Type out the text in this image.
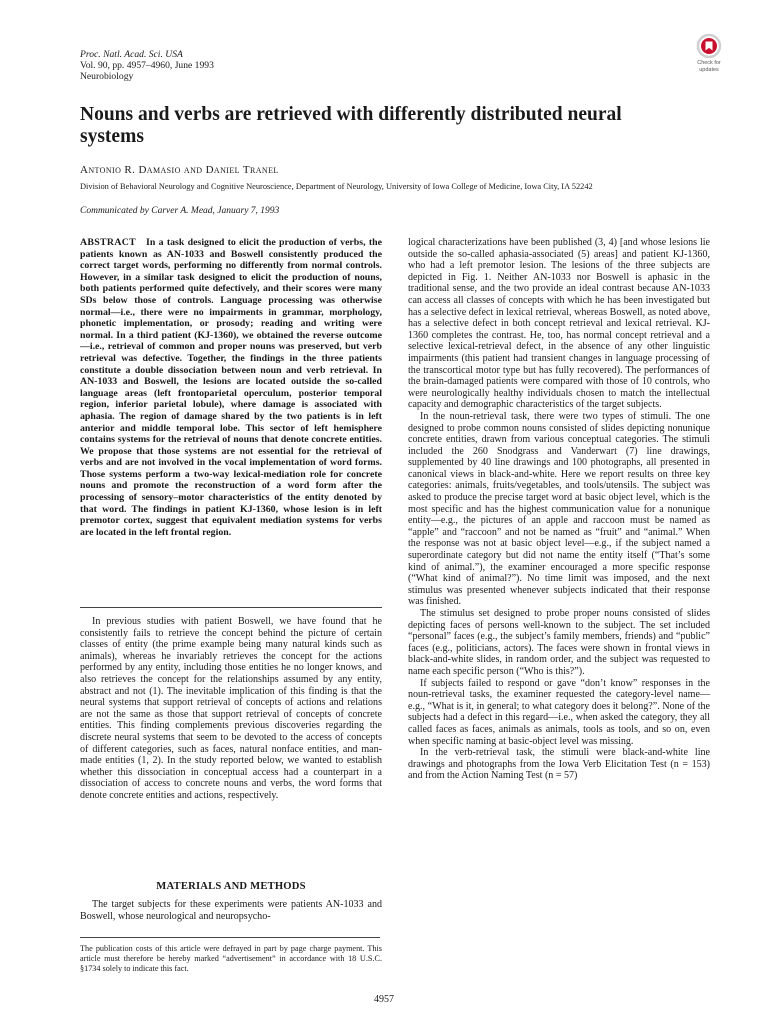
Proc. Natl. Acad. Sci. USA
Vol. 90, pp. 4957–4960, June 1993
Neurobiology
Check for
updates
Nouns and verbs are retrieved with differently distributed neural systems
Antonio R. Damasio and Daniel Tranel
Division of Behavioral Neurology and Cognitive Neuroscience, Department of Neurology, University of Iowa College of Medicine, Iowa City, IA 52242
Communicated by Carver A. Mead, January 7, 1993

ABSTRACT In a task designed to elicit the production of verbs, the patients known as AN-1033 and Boswell consistently produced the correct target words, performing no differently from normal controls. However, in a similar task designed to elicit the production of nouns, both patients performed quite defectively, and their scores were many SDs below those of controls. Language processing was otherwise normal—i.e., there were no impairments in grammar, morphology, phonetic implementation, or prosody; reading and writing were normal. In a third patient (KJ-1360), we obtained the reverse outcome—i.e., retrieval of common and proper nouns was preserved, but verb retrieval was defective. Together, the findings in the three patients constitute a double dissociation between noun and verb retrieval. In AN-1033 and Boswell, the lesions are located outside the so-called language areas (left frontoparietal operculum, posterior temporal region, inferior parietal lobule), where damage is associated with aphasia. The region of damage shared by the two patients is in left anterior and middle temporal lobe. This sector of left hemisphere contains systems for the retrieval of nouns that denote concrete entities. We propose that those systems are not essential for the retrieval of verbs and are not involved in the vocal implementation of word forms. Those systems perform a two-way lexical-mediation role for concrete nouns and promote the reconstruction of a word form after the processing of sensory–motor characteristics of the entity denoted by that word. The findings in patient KJ-1360, whose lesion is in left premotor cortex, suggest that equivalent mediation systems for verbs are located in the left frontal region.

In previous studies with patient Boswell, we have found that he consistently fails to retrieve the concept behind the picture of certain classes of entity (the prime example being many natural kinds such as animals), whereas he invariably retrieves the concept for the actions performed by any entity, including those entities he no longer knows, and also retrieves the concept for the relationships assumed by any entity, abstract and not (1). The inevitable implication of this finding is that the neural systems that support retrieval of concepts of actions and relations are not the same as those that support retrieval of concepts of concrete entities. This finding complements previous discoveries regarding the discrete neural systems that seem to be devoted to the access of concepts of different categories, such as faces, natural nonface entities, and man-made entities (1, 2). In the study reported below, we wanted to establish whether this dissociation in conceptual access had a counterpart in a dissociation of access to concrete nouns and verbs, the word forms that denote concrete entities and actions, respectively.

MATERIALS AND METHODS

The target subjects for these experiments were patients AN-1033 and Boswell, whose neurological and neuropsycho-

The publication costs of this article were defrayed in part by page charge payment. This article must therefore be hereby marked “advertisement” in accordance with 18 U.S.C. §1734 solely to indicate this fact.

logical characterizations have been published (3, 4) [and whose lesions lie outside the so-called aphasia-associated (5) areas] and patient KJ-1360, who had a left premotor lesion. The lesions of the three subjects are depicted in Fig. 1. Neither AN-1033 nor Boswell is aphasic in the traditional sense, and the two provide an ideal contrast because AN-1033 can access all classes of concepts with which he has been investigated but has a selective defect in lexical retrieval, whereas Boswell, as noted above, has a selective defect in both concept retrieval and lexical retrieval. KJ-1360 completes the contrast. He, too, has normal concept retrieval and a selective lexical-retrieval defect, in the absence of any other linguistic impairments (this patient had transient changes in language processing of the transcortical motor type but has fully recovered). The performances of the brain-damaged patients were compared with those of 10 controls, who were neurologically healthy individuals chosen to match the intellectual capacity and demographic characteristics of the target subjects.

In the noun-retrieval task, there were two types of stimuli. The one designed to probe common nouns consisted of slides depicting nonunique concrete entities, drawn from various conceptual categories. The stimuli included the 260 Snodgrass and Vanderwart (7) line drawings, supplemented by 40 line drawings and 100 photographs, all presented in canonical views in black-and-white. Here we report results on three key categories: animals, fruits/vegetables, and tools/utensils. The subject was asked to produce the precise target word at basic object level, which is the most specific and has the highest communication value for a nonunique entity—e.g., the pictures of an apple and raccoon must be named as “apple” and “raccoon” and not be named as “fruit” and “animal.” When the response was not at basic object level—e.g., if the subject named a superordinate category but did not name the entity itself (“That’s some kind of animal.”), the examiner encouraged a more specific response (“What kind of animal?”). No time limit was imposed, and the next stimulus was presented whenever subjects indicated that their response was finished.

The stimulus set designed to probe proper nouns consisted of slides depicting faces of persons well-known to the subject. The set included “personal” faces (e.g., the subject’s family members, friends) and “public” faces (e.g., politicians, actors). The faces were shown in frontal views in black-and-white slides, in random order, and the subject was requested to name each specific person (“Who is this?”).

If subjects failed to respond or gave “don’t know” responses in the noun-retrieval tasks, the examiner requested the category-level name—e.g., “What is it, in general; to what category does it belong?”. None of the subjects had a defect in this regard—i.e., when asked the category, they all called faces as faces, animals as animals, tools as tools, and so on, even when specific naming at basic-object level was missing.

In the verb-retrieval task, the stimuli were black-and-white line drawings and photographs from the Iowa Verb Elicitation Test (n = 153) and from the Action Naming Test (n = 57)

4957
